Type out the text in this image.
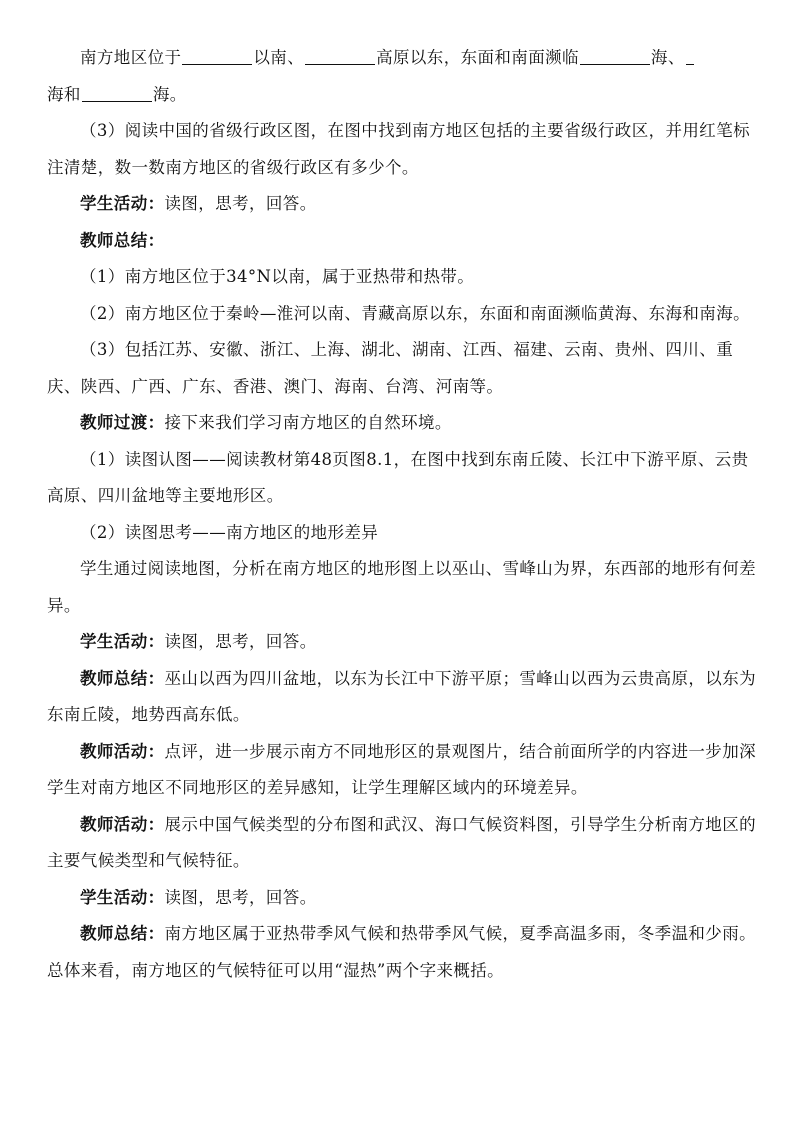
南方地区位于	以南、	高原以东，东面和南面濒临	海、

海和	海。

（3）阅读中国的省级行政区图，在图中找到南方地区包括的主要省级行政区，并用红笔标注清楚，数一数南方地区的省级行政区有多少个。

学生活动：读图，思考，回答。

教师总结：

（1）南方地区位于34°N以南，属于亚热带和热带。

（2）南方地区位于秦岭—淮河以南、青藏高原以东，东面和南面濒临黄海、东海和南海。

（3）包括江苏、安徽、浙江、上海、湖北、湖南、江西、福建、云南、贵州、四川、重庆、陕西、广西、广东、香港、澳门、海南、台湾、河南等。

教师过渡：接下来我们学习南方地区的自然环境。

（1）读图认图——阅读教材第48页图8.1，在图中找到东南丘陵、长江中下游平原、云贵高原、四川盆地等主要地形区。

（2）读图思考——南方地区的地形差异

学生通过阅读地图，分析在南方地区的地形图上以巫山、雪峰山为界，东西部的地形有何差异。

学生活动：读图，思考，回答。

教师总结：巫山以西为四川盆地，以东为长江中下游平原；雪峰山以西为云贵高原，以东为东南丘陵，地势西高东低。

教师活动：点评，进一步展示南方不同地形区的景观图片，结合前面所学的内容进一步加深学生对南方地区不同地形区的差异感知，让学生理解区域内的环境差异。

教师活动：展示中国气候类型的分布图和武汉、海口气候资料图，引导学生分析南方地区的主要气候类型和气候特征。

学生活动：读图，思考，回答。

教师总结：南方地区属于亚热带季风气候和热带季风气候，夏季高温多雨，冬季温和少雨。总体来看，南方地区的气候特征可以用“湿热”两个字来概括。
